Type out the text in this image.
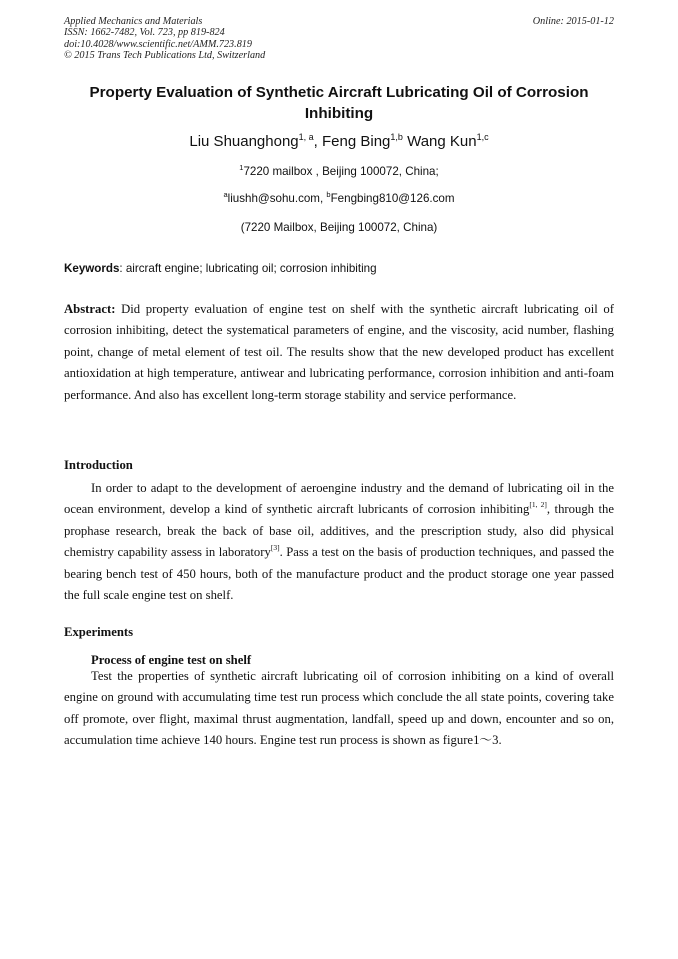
Applied Mechanics and Materials
ISSN: 1662-7482, Vol. 723, pp 819-824
doi:10.4028/www.scientific.net/AMM.723.819
© 2015 Trans Tech Publications Ltd, Switzerland
Online: 2015-01-12
Property Evaluation of Synthetic Aircraft Lubricating Oil of Corrosion Inhibiting
Liu Shuanghong$^{1, a}$, Feng Bing$^{1,b}$ Wang Kun$^{1,c}$
$^1$7220 mailbox , Beijing 100072, China;
$^a$liushh@sohu.com, $^b$Fengbing810@126.com
(7220 Mailbox, Beijing 100072, China)
Keywords: aircraft engine; lubricating oil; corrosion inhibiting
Abstract: Did property evaluation of engine test on shelf with the synthetic aircraft lubricating oil of corrosion inhibiting, detect the systematical parameters of engine, and the viscosity, acid number, flashing point, change of metal element of test oil. The results show that the new developed product has excellent antioxidation at high temperature, antiwear and lubricating performance, corrosion inhibition and anti-foam performance. And also has excellent long-term storage stability and service performance.
Introduction
In order to adapt to the development of aeroengine industry and the demand of lubricating oil in the ocean environment, develop a kind of synthetic aircraft lubricants of corrosion inhibiting[1, 2], through the prophase research, break the back of base oil, additives, and the prescription study, also did physical chemistry capability assess in laboratory[3]. Pass a test on the basis of production techniques, and passed the bearing bench test of 450 hours, both of the manufacture product and the product storage one year passed the full scale engine test on shelf.
Experiments
Process of engine test on shelf
Test the properties of synthetic aircraft lubricating oil of corrosion inhibiting on a kind of overall engine on ground with accumulating time test run process which conclude the all state points, covering take off promote, over flight, maximal thrust augmentation, landfall, speed up and down, encounter and so on, accumulation time achieve 140 hours. Engine test run process is shown as figure1～3.
